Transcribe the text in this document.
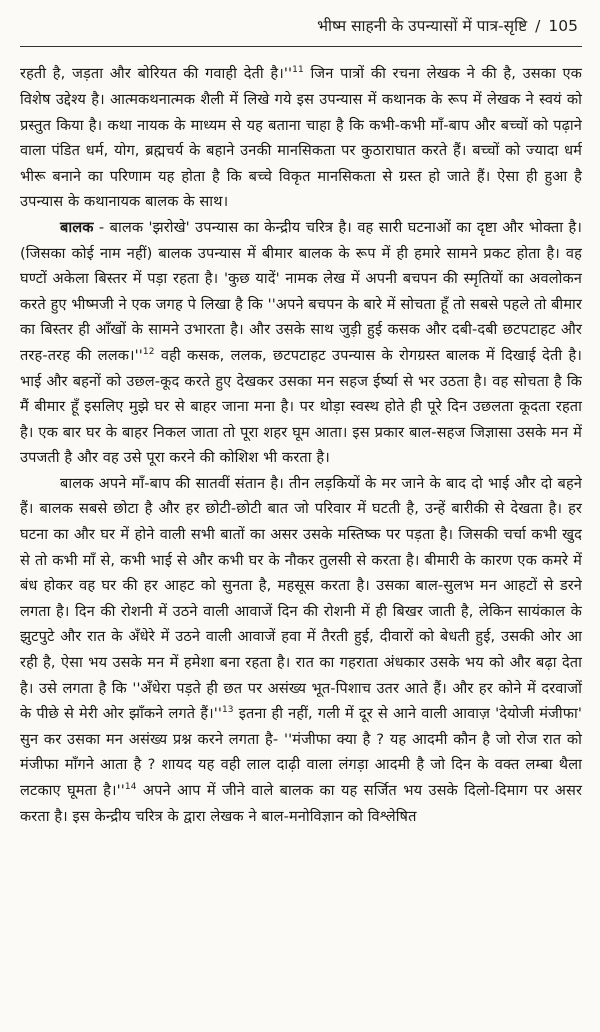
भीष्म साहनी के उपन्यासों में पात्र-सृष्टि / 105

रहती है, जड़ता और बोरियत की गवाही देती है।''$^{11}$ जिन पात्रों की रचना लेखक ने की है, उसका एक विशेष उद्देश्य है। आत्मकथनात्मक शैली में लिखे गये इस उपन्यास में कथानक के रूप में लेखक ने स्वयं को प्रस्तुत किया है। कथा नायक के माध्यम से यह बताना चाहा है कि कभी-कभी माँ-बाप और बच्चों को पढ़ाने वाला पंडित धर्म, योग, ब्रह्मचर्य के बहाने उनकी मानसिकता पर कुठाराघात करते हैं। बच्चों को ज्यादा धर्म भीरू बनाने का परिणाम यह होता है कि बच्चे विकृत मानसिकता से ग्रस्त हो जाते हैं। ऐसा ही हुआ है उपन्यास के कथानायक बालक के साथ।

बालक - बालक 'झरोखे' उपन्यास का केन्द्रीय चरित्र है। वह सारी घटनाओं का दृष्टा और भोक्ता है। (जिसका कोई नाम नहीं) बालक उपन्यास में बीमार बालक के रूप में ही हमारे सामने प्रकट होता है। वह घण्टों अकेला बिस्तर में पड़ा रहता है। 'कुछ यादें' नामक लेख में अपनी बचपन की स्मृतियों का अवलोकन करते हुए भीष्मजी ने एक जगह पे लिखा है कि ''अपने बचपन के बारे में सोचता हूँ तो सबसे पहले तो बीमार का बिस्तर ही आँखों के सामने उभारता है। और उसके साथ जुड़ी हुई कसक और दबी-दबी छटपटाहट और तरह-तरह की ललक।''$^{12}$ वही कसक, ललक, छटपटाहट उपन्यास के रोगग्रस्त बालक में दिखाई देती है। भाई और बहनों को उछल-कूद करते हुए देखकर उसका मन सहज ईर्ष्या से भर उठता है। वह सोचता है कि मैं बीमार हूँ इसलिए मुझे घर से बाहर जाना मना है। पर थोड़ा स्वस्थ होते ही पूरे दिन उछलता कूदता रहता है। एक बार घर के बाहर निकल जाता तो पूरा शहर घूम आता। इस प्रकार बाल-सहज जिज्ञासा उसके मन में उपजती है और वह उसे पूरा करने की कोशिश भी करता है।

बालक अपने माँ-बाप की सातवीं संतान है। तीन लड़कियों के मर जाने के बाद दो भाई और दो बहने हैं। बालक सबसे छोटा है और हर छोटी-छोटी बात जो परिवार में घटती है, उन्हें बारीकी से देखता है। हर घटना का और घर में होने वाली सभी बातों का असर उसके मस्तिष्क पर पड़ता है। जिसकी चर्चा कभी खुद से तो कभी माँ से, कभी भाई से और कभी घर के नौकर तुलसी से करता है। बीमारी के कारण एक कमरे में बंध होकर वह घर की हर आहट को सुनता है, महसूस करता है। उसका बाल-सुलभ मन आहटों से डरने लगता है। दिन की रोशनी में उठने वाली आवाजें दिन की रोशनी में ही बिखर जाती है, लेकिन सायंकाल के झुटपुटे और रात के अँधेरे में उठने वाली आवाजें हवा में तैरती हुई, दीवारों को बेधती हुई, उसकी ओर आ रही है, ऐसा भय उसके मन में हमेशा बना रहता है। रात का गहराता अंधकार उसके भय को और बढ़ा देता है। उसे लगता है कि ''अँधेरा पड़ते ही छत पर असंख्य भूत-पिशाच उतर आते हैं। और हर कोने में दरवाजों के पीछे से मेरी ओर झाँकने लगते हैं।''$^{13}$ इतना ही नहीं, गली में दूर से आने वाली आवाज़ 'देयोजी मंजीफा' सुन कर उसका मन असंख्य प्रश्न करने लगता है- ''मंजीफा क्या है ? यह आदमी कौन है जो रोज रात को मंजीफा माँगने आता है ? शायद यह वही लाल दाढ़ी वाला लंगड़ा आदमी है जो दिन के वक्त लम्बा थैला लटकाए घूमता है।''$^{14}$ अपने आप में जीने वाले बालक का यह सर्जित भय उसके दिलो-दिमाग पर असर करता है। इस केन्द्रीय चरित्र के द्वारा लेखक ने बाल-मनोविज्ञान को विश्लेषित
